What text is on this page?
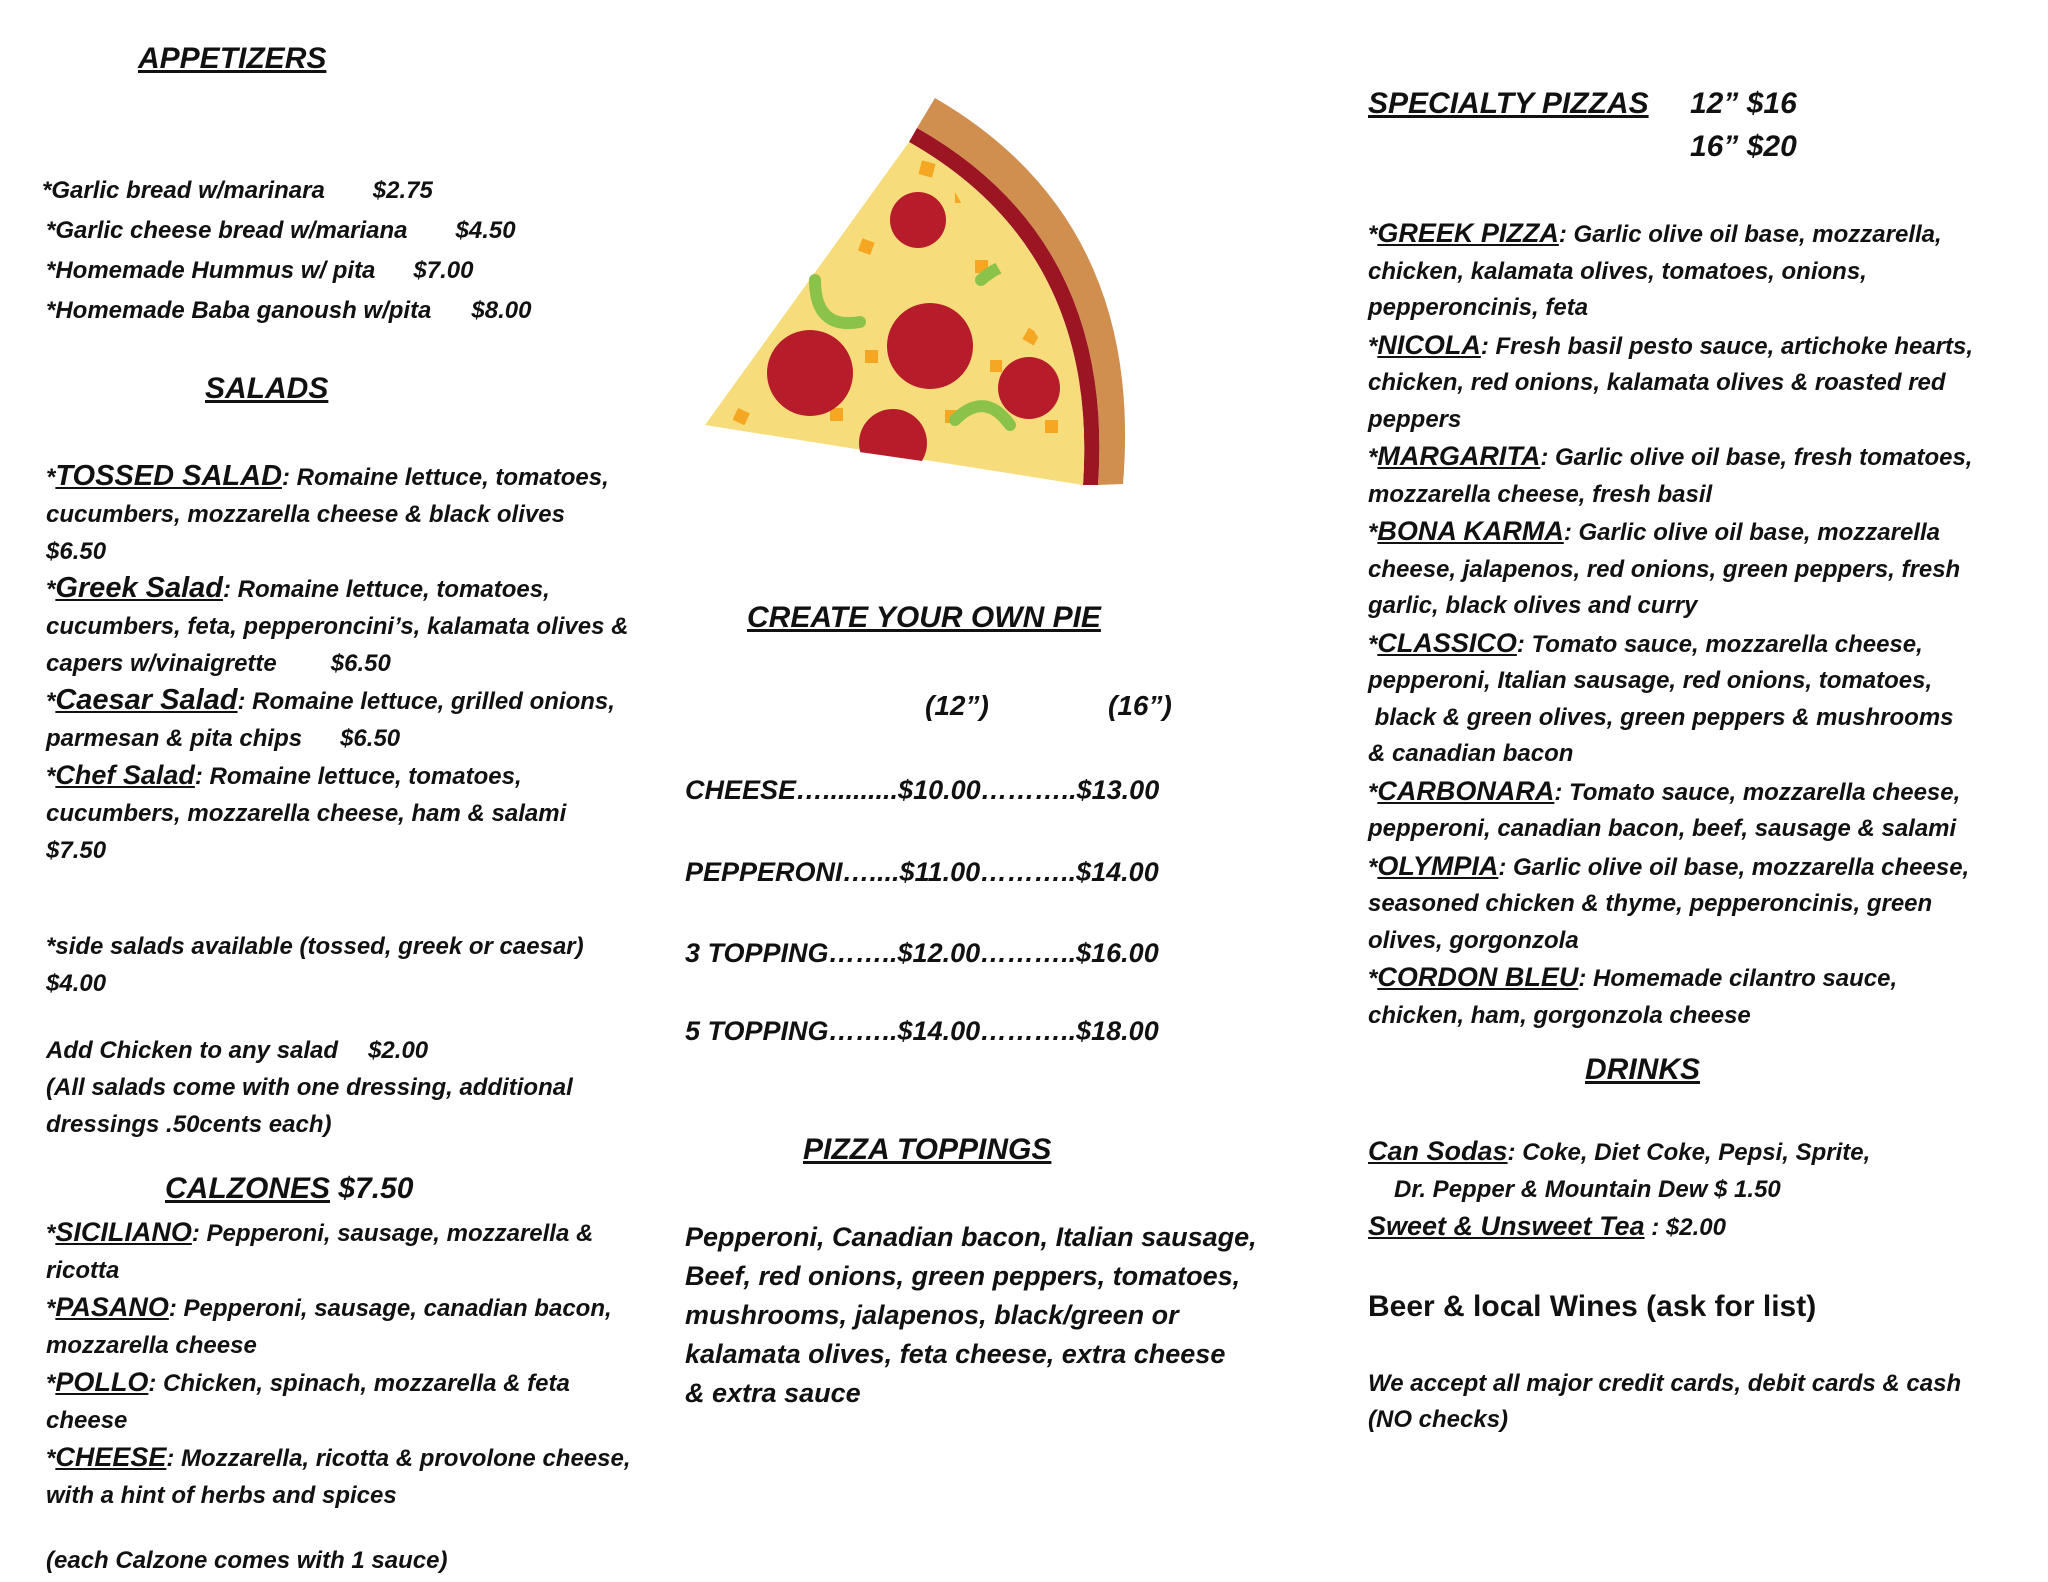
APPETIZERS
*Garlic bread w/marinara $2.75
*Garlic cheese bread w/mariana $4.50
*Homemade Hummus w/ pita $7.00
*Homemade Baba ganoush w/pita $8.00
SALADS
*TOSSED SALAD: Romaine lettuce, tomatoes,
cucumbers, mozzarella cheese & black olives
$6.50
*Greek Salad: Romaine lettuce, tomatoes,
cucumbers, feta, pepperoncini’s, kalamata olives &
capers w/vinaigrette $6.50
*Caesar Salad: Romaine lettuce, grilled onions,
parmesan & pita chips $6.50
*Chef Salad: Romaine lettuce, tomatoes,
cucumbers, mozzarella cheese, ham & salami
$7.50
*side salads available (tossed, greek or caesar)
$4.00
Add Chicken to any salad $2.00
(All salads come with one dressing, additional
dressings .50cents each)
CALZONES $7.50
*SICILIANO: Pepperoni, sausage, mozzarella &
ricotta
*PASANO: Pepperoni, sausage, canadian bacon,
mozzarella cheese
*POLLO: Chicken, spinach, mozzarella & feta
cheese
*CHEESE: Mozzarella, ricotta & provolone cheese,
with a hint of herbs and spices
(each Calzone comes with 1 sauce)
CREATE YOUR OWN PIE
(12”)	(16”)
CHEESE…..........$10.00………..$13.00
PEPPERONI…....$11.00………..$14.00
3 TOPPING……..$12.00………..$16.00
5 TOPPING……..$14.00………..$18.00
PIZZA TOPPINGS
Pepperoni, Canadian bacon, Italian sausage,
Beef, red onions, green peppers, tomatoes,
mushrooms, jalapenos, black/green or
kalamata olives, feta cheese, extra cheese
& extra sauce
SPECIALTY PIZZAS 12” $16
16” $20
*GREEK PIZZA: Garlic olive oil base, mozzarella,
chicken, kalamata olives, tomatoes, onions,
pepperoncinis, feta
*NICOLA: Fresh basil pesto sauce, artichoke hearts,
chicken, red onions, kalamata olives & roasted red
peppers
*MARGARITA: Garlic olive oil base, fresh tomatoes,
mozzarella cheese, fresh basil
*BONA KARMA: Garlic olive oil base, mozzarella
cheese, jalapenos, red onions, green peppers, fresh
garlic, black olives and curry
*CLASSICO: Tomato sauce, mozzarella cheese,
pepperoni, Italian sausage, red onions, tomatoes,
black & green olives, green peppers & mushrooms
& canadian bacon
*CARBONARA: Tomato sauce, mozzarella cheese,
pepperoni, canadian bacon, beef, sausage & salami
*OLYMPIA: Garlic olive oil base, mozzarella cheese,
seasoned chicken & thyme, pepperoncinis, green
olives, gorgonzola
*CORDON BLEU: Homemade cilantro sauce,
chicken, ham, gorgonzola cheese
DRINKS
Can Sodas: Coke, Diet Coke, Pepsi, Sprite,
Dr. Pepper & Mountain Dew $ 1.50
Sweet & Unsweet Tea : $2.00
Beer & local Wines (ask for list)
We accept all major credit cards, debit cards & cash
(NO checks)
